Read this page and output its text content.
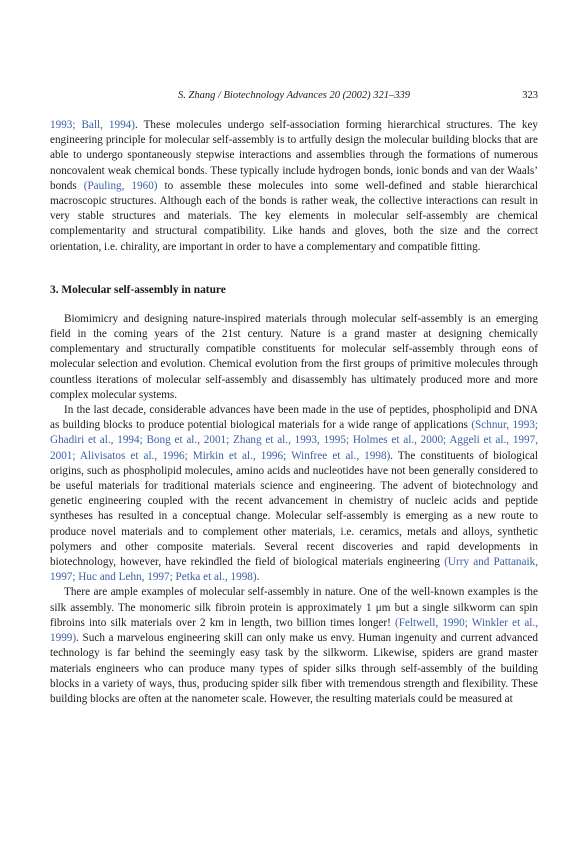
S. Zhang / Biotechnology Advances 20 (2002) 321–339	323

1993; Ball, 1994). These molecules undergo self-association forming hierarchical structures. The key engineering principle for molecular self-assembly is to artfully design the molecular building blocks that are able to undergo spontaneously stepwise interactions and assemblies through the formations of numerous noncovalent weak chemical bonds. These typically include hydrogen bonds, ionic bonds and van der Waals’ bonds (Pauling, 1960) to assemble these molecules into some well-defined and stable hierarchical macroscopic structures. Although each of the bonds is rather weak, the collective interactions can result in very stable structures and materials. The key elements in molecular self-assembly are chemical complementarity and structural compatibility. Like hands and gloves, both the size and the correct orientation, i.e. chirality, are important in order to have a complementary and compatible fitting.

3. Molecular self-assembly in nature

Biomimicry and designing nature-inspired materials through molecular self-assembly is an emerging field in the coming years of the 21st century. Nature is a grand master at designing chemically complementary and structurally compatible constituents for molecular self-assembly through eons of molecular selection and evolution. Chemical evolution from the first groups of primitive molecules through countless iterations of molecular self-assembly and disassembly has ultimately produced more and more complex molecular systems.

In the last decade, considerable advances have been made in the use of peptides, phospholipid and DNA as building blocks to produce potential biological materials for a wide range of applications (Schnur, 1993; Ghadiri et al., 1994; Bong et al., 2001; Zhang et al., 1993, 1995; Holmes et al., 2000; Aggeli et al., 1997, 2001; Alivisatos et al., 1996; Mirkin et al., 1996; Winfree et al., 1998). The constituents of biological origins, such as phospholipid molecules, amino acids and nucleotides have not been generally considered to be useful materials for traditional materials science and engineering. The advent of biotechnology and genetic engineering coupled with the recent advancement in chemistry of nucleic acids and peptide syntheses has resulted in a conceptual change. Molecular self-assembly is emerging as a new route to produce novel materials and to complement other materials, i.e. ceramics, metals and alloys, synthetic polymers and other composite materials. Several recent discoveries and rapid developments in biotechnology, however, have rekindled the field of biological materials engineering (Urry and Pattanaik, 1997; Huc and Lehn, 1997; Petka et al., 1998).

There are ample examples of molecular self-assembly in nature. One of the well-known examples is the silk assembly. The monomeric silk fibroin protein is approximately 1 μm but a single silkworm can spin fibroins into silk materials over 2 km in length, two billion times longer! (Feltwell, 1990; Winkler et al., 1999). Such a marvelous engineering skill can only make us envy. Human ingenuity and current advanced technology is far behind the seemingly easy task by the silkworm. Likewise, spiders are grand master materials engineers who can produce many types of spider silks through self-assembly of the building blocks in a variety of ways, thus, producing spider silk fiber with tremendous strength and flexibility. These building blocks are often at the nanometer scale. However, the resulting materials could be measured at
